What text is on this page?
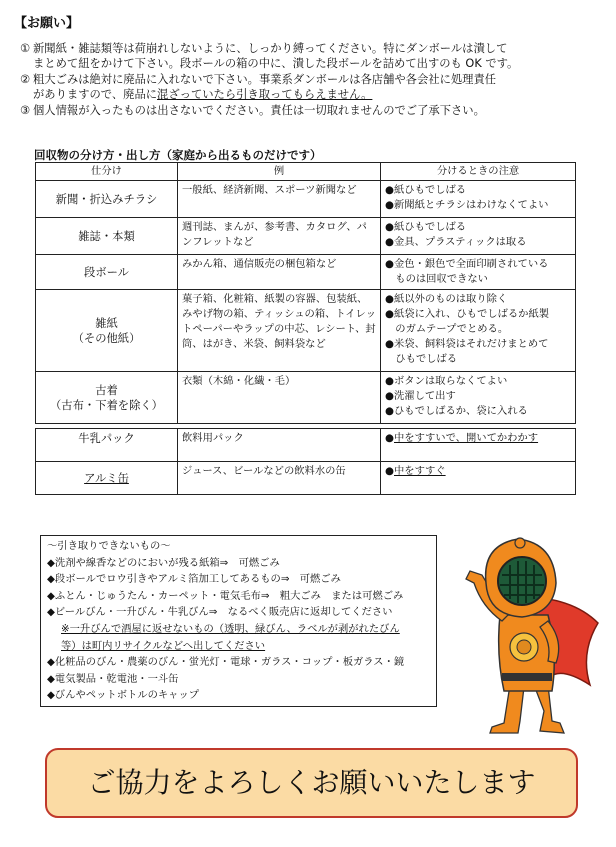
【お願い】
① 新聞紙・雑誌類等は荷崩れしないように、しっかり縛ってください。特にダンボールは潰して
まとめて紐をかけて下さい。段ボールの箱の中に、潰した段ボールを詰めて出すのも OK です。
② 粗大ごみは絶対に廃品に入れないで下さい。事業系ダンボールは各店舗や各会社に処理責任
がありますので、廃品に混ざっていたら引き取ってもらえません。
③ 個人情報が入ったものは出さないでください。責任は一切取れませんのでご了承下さい。
回収物の分け方・出し方（家庭から出るものだけです）
仕分け	例	分けるときの注意
新聞・折込みチラシ	一般紙、経済新聞、スポーツ新聞など	●紙ひもでしばる
●新聞紙とチラシはわけなくてよい

雑誌・本類	週刊誌、まんが、参考書、カタログ、パンフレットなど	●紙ひもでしばる
●金具、プラスティックは取る

段ボール	みかん箱、通信販売の梱包箱など	●金色・銀色で全面印刷されている
　ものは回収できない

雑紙
（その他紙）	菓子箱、化粧箱、紙製の容器、包装紙、みやげ物の箱、ティッシュの箱、トイレットペーパーやラップの中芯、レシート、封筒、はがき、米袋、飼料袋など	●紙以外のものは取り除く
●紙袋に入れ、ひもでしばるか紙製
　のガムテープでとめる。
●米袋、飼料袋はそれだけまとめて
　ひもでしばる

古着
（古布・下着を除く）	衣類（木綿・化繊・毛）	●ボタンは取らなくてよい
●洗濯して出す
●ひもでしばるか、袋に入れる
牛乳パック	飲料用パック	●中をすすいで、開いてかわかす
アルミ缶	ジュース、ビールなどの飲料水の缶	●中をすすぐ
～引き取りできないもの～
◆洗剤や線香などのにおいが残る紙箱⇒　可燃ごみ
◆段ボールでロウ引きやアルミ箔加工してあるもの⇒　可燃ごみ
◆ふとん・じゅうたん・カーペット・電気毛布⇒　粗大ごみ　または可燃ごみ
◆ビールびん・一升びん・牛乳びん⇒　なるべく販売店に返却してください
※一升びんで酒屋に返せないもの（透明、緑びん、ラベルが剥がれたびん
等）は町内リサイクルなどへ出してください
◆化粧品のびん・農薬のびん・蛍光灯・電球・ガラス・コップ・板ガラス・鏡
◆電気製品・乾電池・一斗缶
◆びんやペットボトルのキャップ
ご協力をよろしくお願いいたします
